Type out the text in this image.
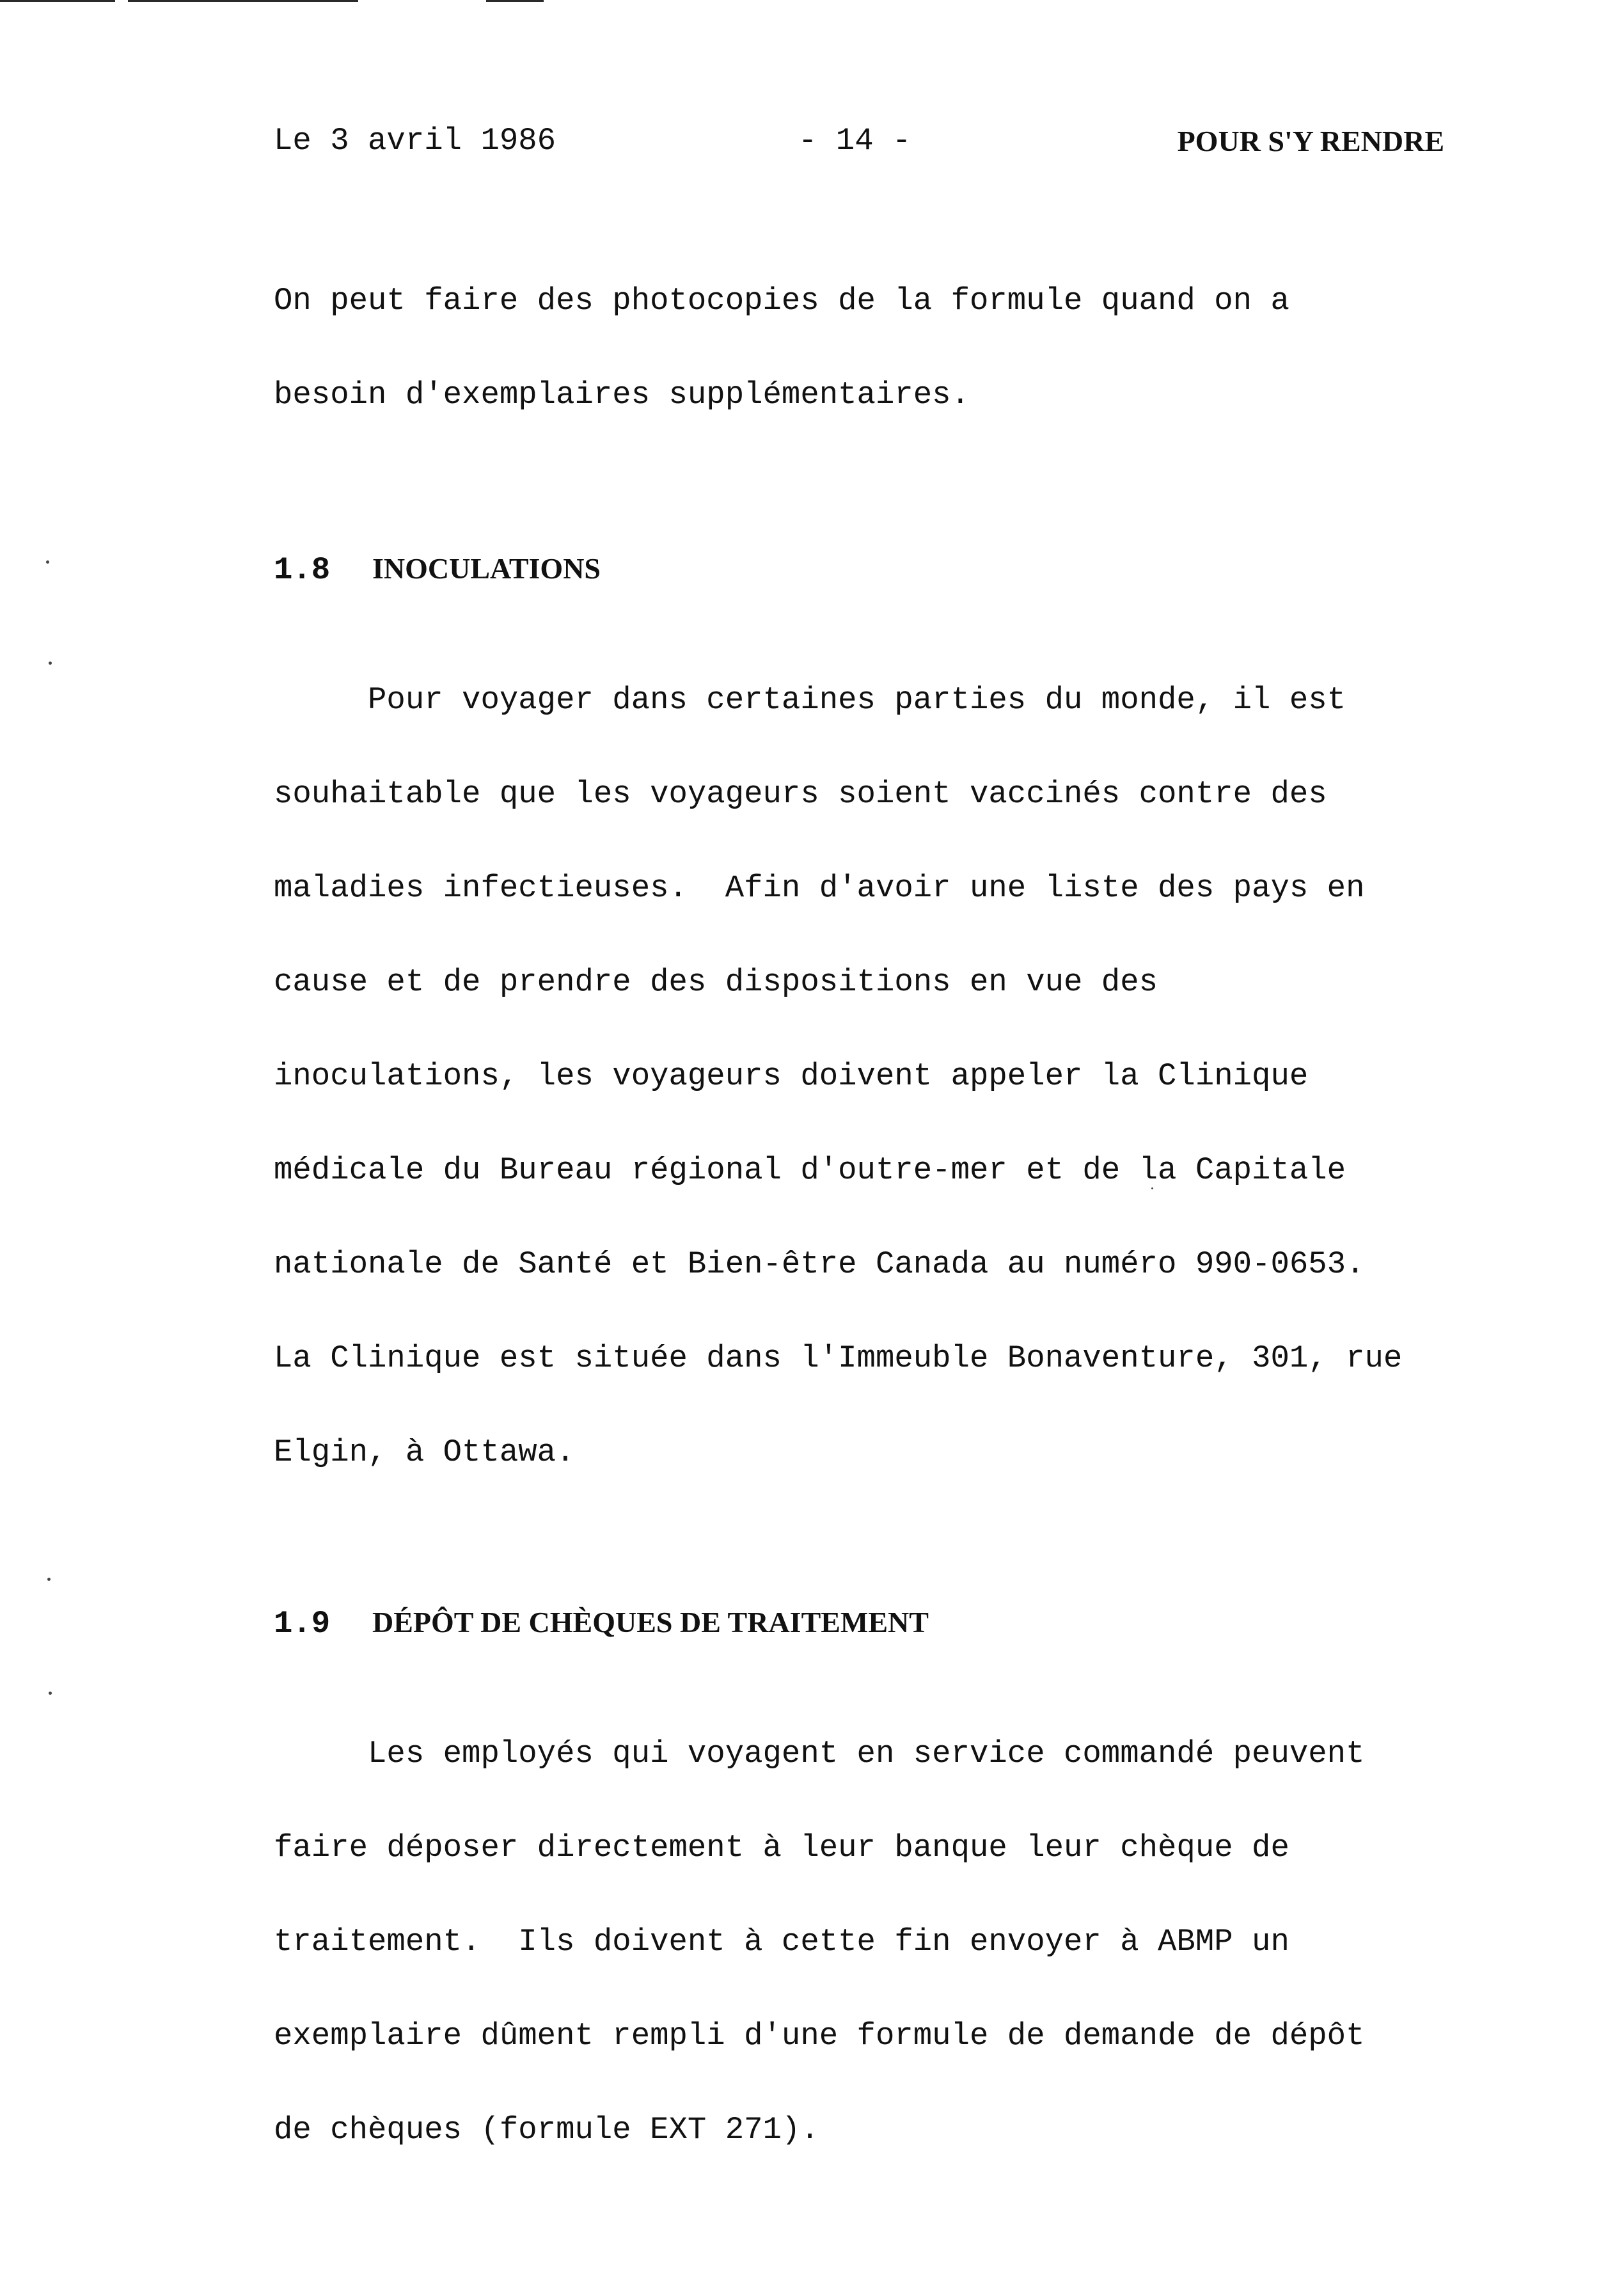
Le 3 avril 1986	- 14 -	POUR S'Y RENDRE

On peut faire des photocopies de la formule quand on a

besoin d'exemplaires supplémentaires.

1.8	INOCULATIONS

Pour voyager dans certaines parties du monde, il est

souhaitable que les voyageurs soient vaccinés contre des

maladies infectieuses.  Afin d'avoir une liste des pays en

cause et de prendre des dispositions en vue des

inoculations, les voyageurs doivent appeler la Clinique

médicale du Bureau régional d'outre-mer et de la Capitale

nationale de Santé et Bien-être Canada au numéro 990-0653.

La Clinique est située dans l'Immeuble Bonaventure, 301, rue

Elgin, à Ottawa.

1.9	DÉPÔT DE CHÈQUES DE TRAITEMENT

Les employés qui voyagent en service commandé peuvent

faire déposer directement à leur banque leur chèque de

traitement.  Ils doivent à cette fin envoyer à ABMP un

exemplaire dûment rempli d'une formule de demande de dépôt

de chèques (formule EXT 271).
